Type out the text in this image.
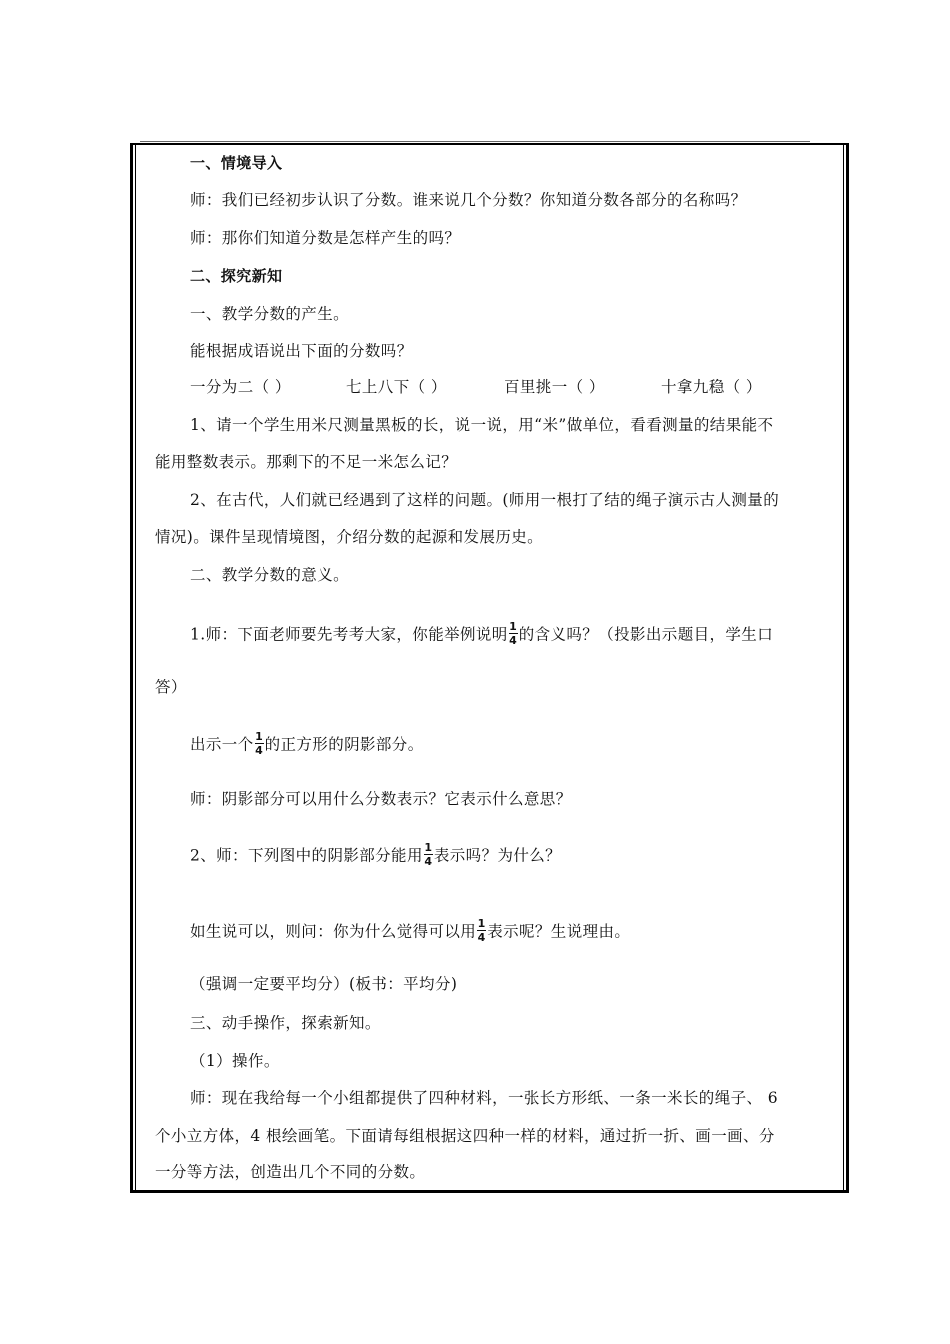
一、情境导入
师：我们已经初步认识了分数。谁来说几个分数？你知道分数各部分的名称吗？
师：那你们知道分数是怎样产生的吗？
二、探究新知
一、教学分数的产生。
能根据成语说出下面的分数吗？
一分为二（ ）	七上八下（ ）	百里挑一（ ）	十拿九稳（ ）
1、请一个学生用米尺测量黑板的长，说一说，用“米”做单位，看看测量的结果能不
能用整数表示。那剩下的不足一米怎么记？
2、在古代，人们就已经遇到了这样的问题。(师用一根打了结的绳子演示古人测量的
情况)。课件呈现情境图，介绍分数的起源和发展历史。
二、教学分数的意义。
1.师：下面老师要先考考大家，你能举例说明 $\frac{1}{4}$ 的含义吗？（投影出示题目，学生口
答）
出示一个 $\frac{1}{4}$ 的正方形的阴影部分。
师：阴影部分可以用什么分数表示？它表示什么意思？
2、师：下列图中的阴影部分能用 $\frac{1}{4}$ 表示吗？为什么？
如生说可以，则问：你为什么觉得可以用 $\frac{1}{4}$ 表示呢？生说理由。
（强调一定要平均分）(板书：平均分)
三、动手操作，探索新知。
（1）操作。
师：现在我给每一个小组都提供了四种材料，一张长方形纸、一条一米长的绳子、 6
个小立方体，4 根绘画笔。下面请每组根据这四种一样的材料，通过折一折、画一画、分
一分等方法，创造出几个不同的分数。
